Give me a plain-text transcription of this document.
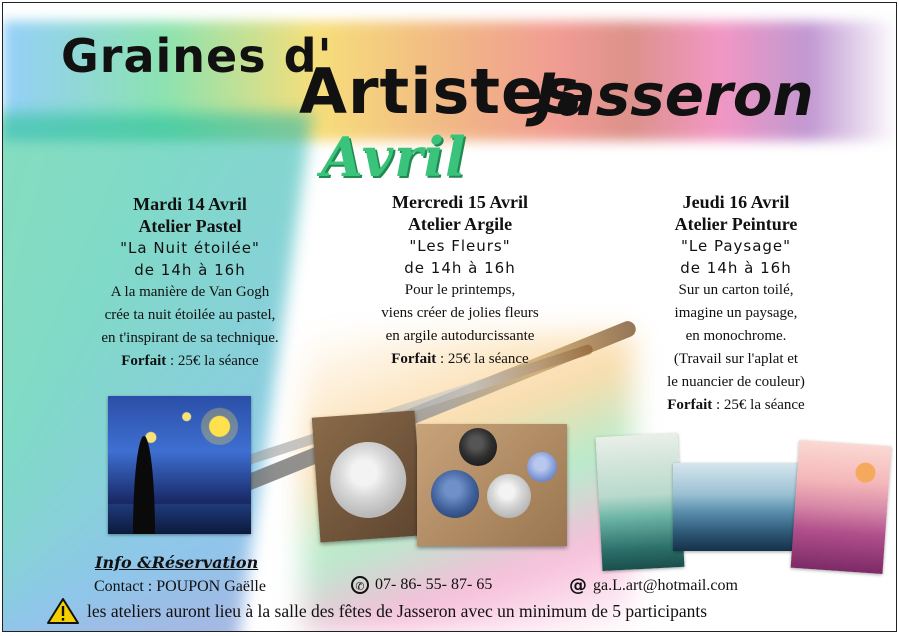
Graines d'
Artistes
Jasseron
Avril
Mardi 14 Avril
Atelier Pastel
"La Nuit étoilée"
de 14h à 16h
A la manière de Van Gogh
crée ta nuit étoilée au pastel,
en t'inspirant de sa technique.
Forfait : 25€ la séance
Mercredi 15 Avril
Atelier Argile
"Les Fleurs"
de 14h à 16h
Pour le printemps,
viens créer de jolies fleurs
en argile autodurcissante
Forfait : 25€ la séance
Jeudi 16 Avril
Atelier Peinture
"Le Paysage"
de 14h à 16h
Sur un carton toilé,
imagine un paysage,
en monochrome.
(Travail sur l'aplat et
le nuancier de couleur)
Forfait : 25€ la séance
Info &Réservation
Contact : POUPON Gaëlle	✆ 07- 86- 55- 87- 65	@ ga.L.art@hotmail.com
les ateliers auront lieu à la salle des fêtes de Jasseron avec un minimum de 5 participants
